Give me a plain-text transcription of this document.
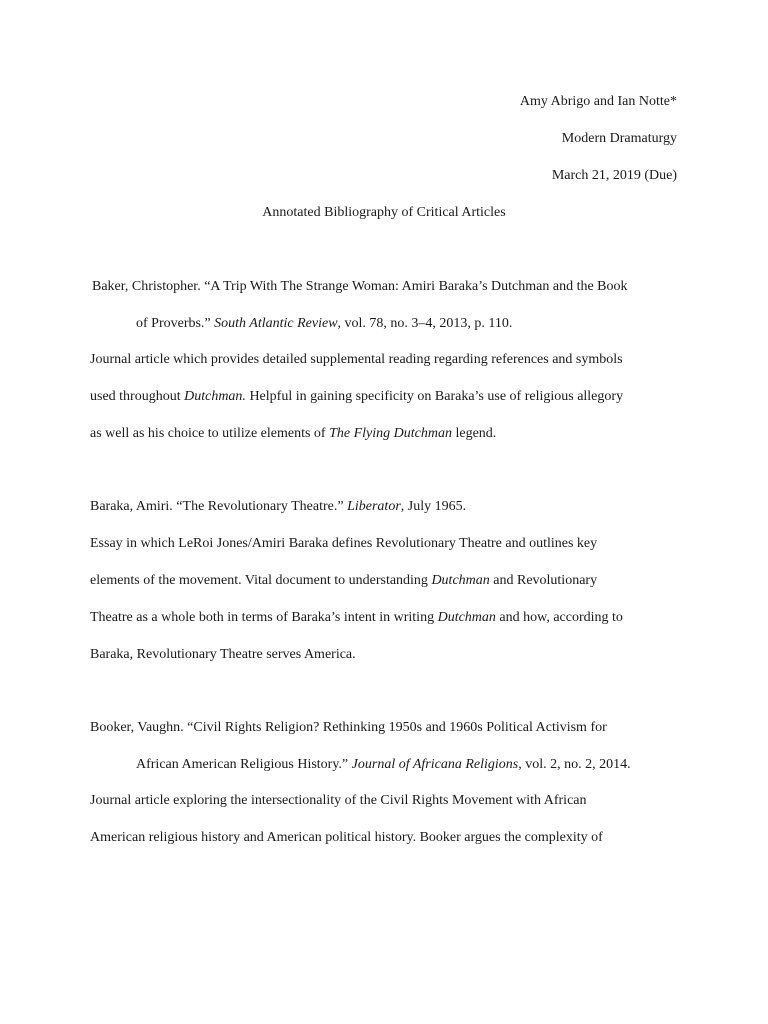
Amy Abrigo and Ian Notte*
Modern Dramaturgy
March 21, 2019 (Due)
Annotated Bibliography of Critical Articles
Baker, Christopher. “A Trip With The Strange Woman: Amiri Baraka’s Dutchman and the Book
of Proverbs.” South Atlantic Review, vol. 78, no. 3–4, 2013, p. 110.
Journal article which provides detailed supplemental reading regarding references and symbols
used throughout Dutchman. Helpful in gaining specificity on Baraka’s use of religious allegory
as well as his choice to utilize elements of The Flying Dutchman legend.
Baraka, Amiri. “The Revolutionary Theatre.” Liberator, July 1965.
Essay in which LeRoi Jones/Amiri Baraka defines Revolutionary Theatre and outlines key
elements of the movement. Vital document to understanding Dutchman and Revolutionary
Theatre as a whole both in terms of Baraka’s intent in writing Dutchman and how, according to
Baraka, Revolutionary Theatre serves America.
Booker, Vaughn. “Civil Rights Religion? Rethinking 1950s and 1960s Political Activism for
African American Religious History.” Journal of Africana Religions, vol. 2, no. 2, 2014.
Journal article exploring the intersectionality of the Civil Rights Movement with African
American religious history and American political history. Booker argues the complexity of
